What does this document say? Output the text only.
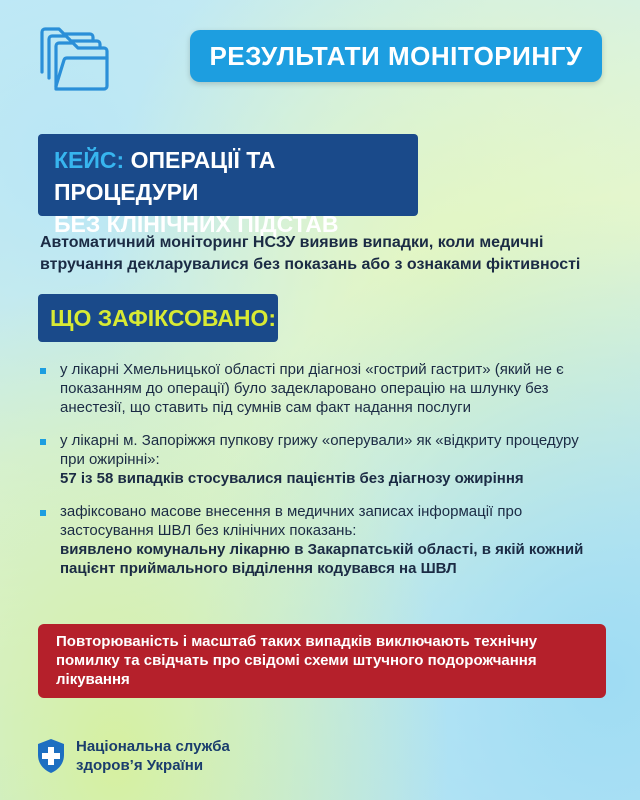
РЕЗУЛЬТАТИ МОНІТОРИНГУ
КЕЙС: ОПЕРАЦІЇ ТА ПРОЦЕДУРИ
БЕЗ КЛІНІЧНИХ ПІДСТАВ

Автоматичний моніторинг НСЗУ виявив випадки, коли медичні втручання декларувалися без показань або з ознаками фіктивності

ЩО ЗАФІКСОВАНО:
у лікарні Хмельницької області при діагнозі «гострий гастрит» (який не є показанням до операції) було задекларовано операцію на шлунку без анестезії, що ставить під сумнів сам факт надання послуги
у лікарні м. Запоріжжя пупкову грижу «оперували» як «відкриту процедуру при ожирінні»:
57 із 58 випадків стосувалися пацієнтів без діагнозу ожиріння
зафіксовано масове внесення в медичних записах інформації про застосування ШВЛ без клінічних показань:
виявлено комунальну лікарню в Закарпатській області, в якій кожний пацієнт приймального відділення кодувався на ШВЛ
Повторюваність і масштаб таких випадків виключають технічну помилку та свідчать про свідомі схеми штучного подорожчання лікування
Національна служба
здоров’я України
